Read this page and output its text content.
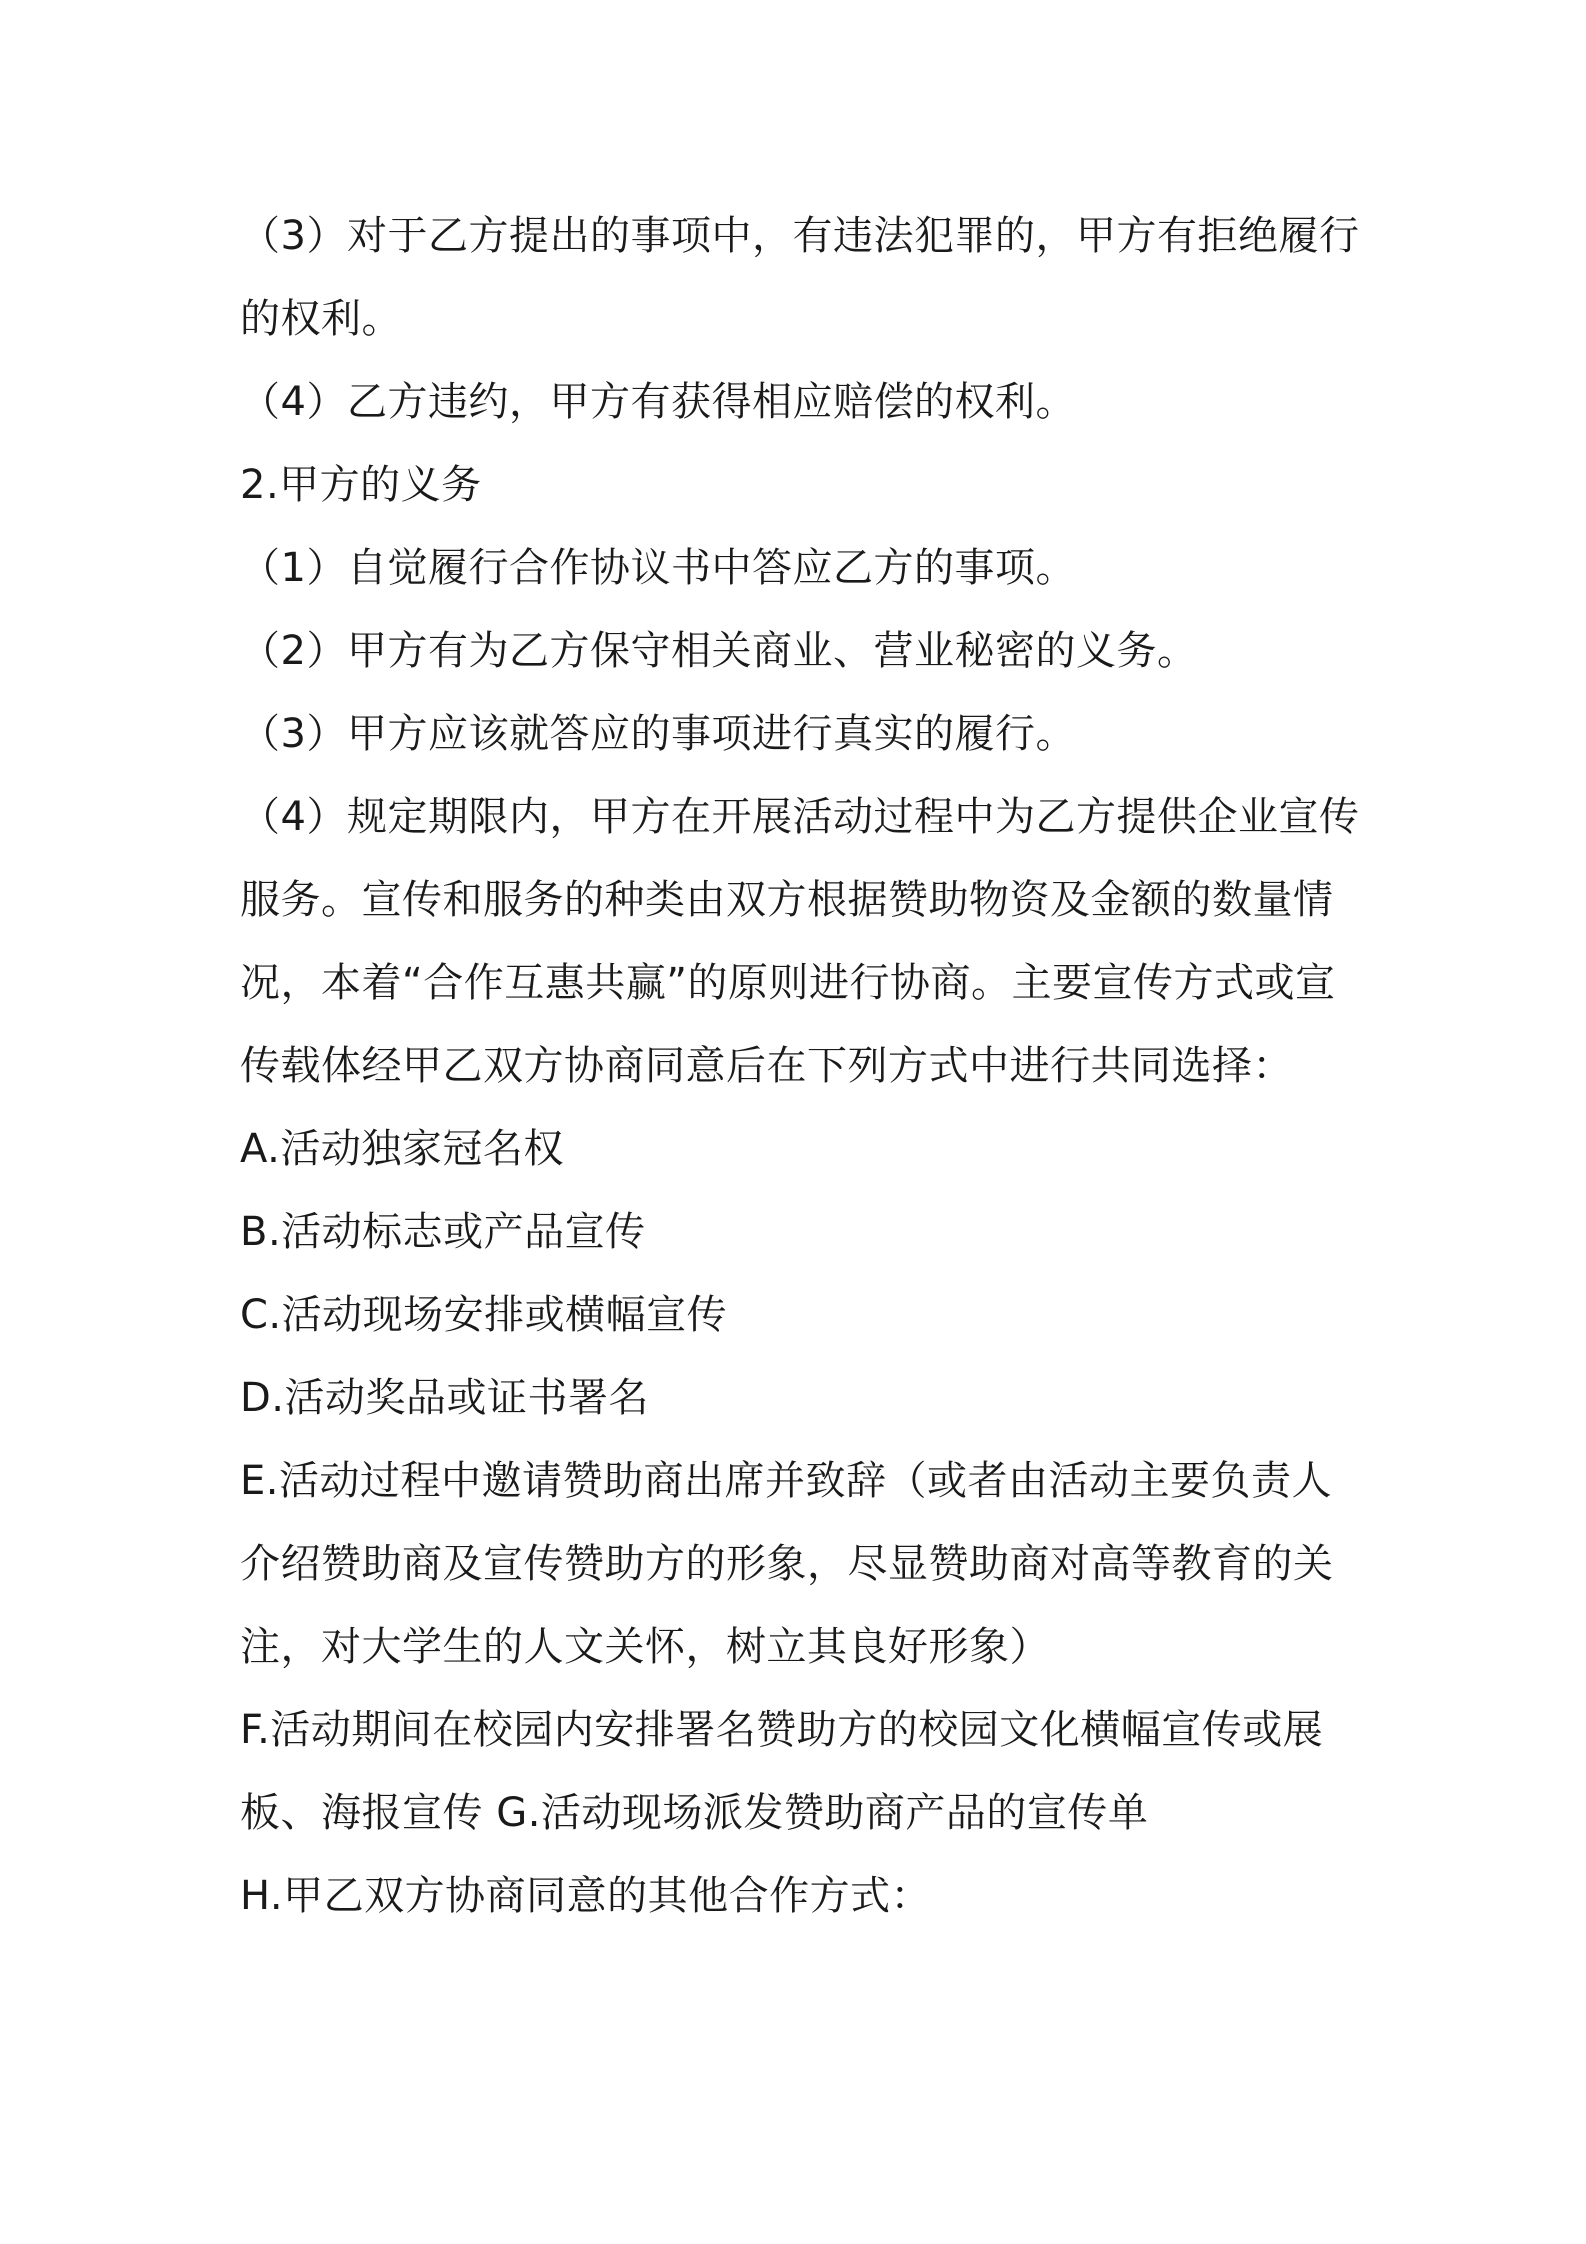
（3）对于乙方提出的事项中，有违法犯罪的，甲方有拒绝履行的权利。

（4）乙方违约，甲方有获得相应赔偿的权利。

2.甲方的义务

（1）自觉履行合作协议书中答应乙方的事项。

（2）甲方有为乙方保守相关商业、营业秘密的义务。

（3）甲方应该就答应的事项进行真实的履行。

（4）规定期限内，甲方在开展活动过程中为乙方提供企业宣传服务。宣传和服务的种类由双方根据赞助物资及金额的数量情况，本着“合作互惠共赢”的原则进行协商。主要宣传方式或宣传载体经甲乙双方协商同意后在下列方式中进行共同选择：

A.活动独家冠名权

B.活动标志或产品宣传

C.活动现场安排或横幅宣传

D.活动奖品或证书署名

E.活动过程中邀请赞助商出席并致辞（或者由活动主要负责人介绍赞助商及宣传赞助方的形象，尽显赞助商对高等教育的关注，对大学生的人文关怀，树立其良好形象）

F.活动期间在校园内安排署名赞助方的校园文化横幅宣传或展板、海报宣传 G.活动现场派发赞助商产品的宣传单

H.甲乙双方协商同意的其他合作方式：
